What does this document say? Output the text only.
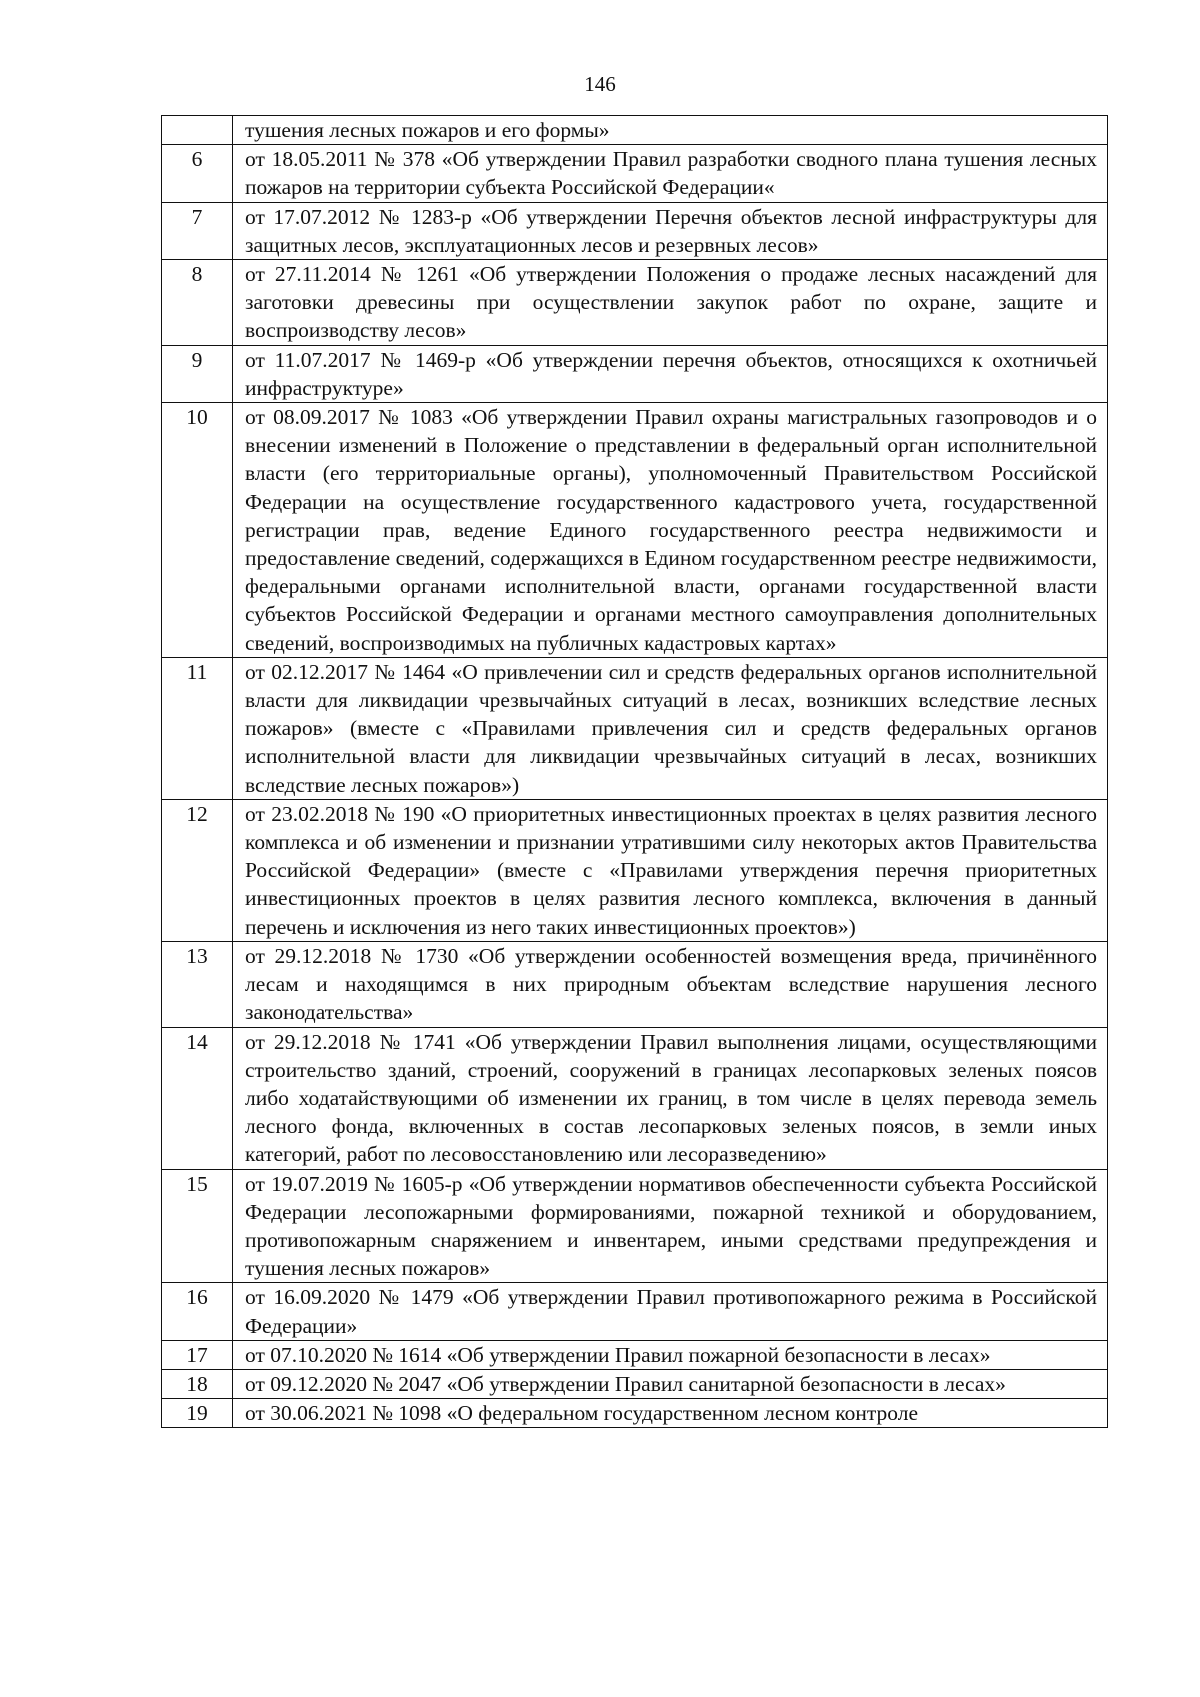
146
	тушения лесных пожаров и его формы»
6	от 18.05.2011 № 378 «Об утверждении Правил разработки сводного плана тушения лесных пожаров на территории субъекта Российской Федерации«
7	от 17.07.2012 № 1283-р «Об утверждении Перечня объектов лесной инфраструктуры для защитных лесов, эксплуатационных лесов и резервных лесов»
8	от 27.11.2014 № 1261 «Об утверждении Положения о продаже лесных насаждений для заготовки древесины при осуществлении закупок работ по охране, защите и воспроизводству лесов»
9	от 11.07.2017 № 1469-р «Об утверждении перечня объектов, относящихся к охотничьей инфраструктуре»
10	от 08.09.2017 № 1083 «Об утверждении Правил охраны магистральных газопроводов и о внесении изменений в Положение о представлении в федеральный орган исполнительной власти (его территориальные органы), уполномоченный Правительством Российской Федерации на осуществление государственного кадастрового учета, государственной регистрации прав, ведение Единого государственного реестра недвижимости и предоставление сведений, содержащихся в Едином государственном реестре недвижимости, федеральными органами исполнительной власти, органами государственной власти субъектов Российской Федерации и органами местного самоуправления дополнительных сведений, воспроизводимых на публичных кадастровых картах»
11	от 02.12.2017 № 1464 «О привлечении сил и средств федеральных органов исполнительной власти для ликвидации чрезвычайных ситуаций в лесах, возникших вследствие лесных пожаров» (вместе с «Правилами привлечения сил и средств федеральных органов исполнительной власти для ликвидации чрезвычайных ситуаций в лесах, возникших вследствие лесных пожаров»)
12	от 23.02.2018 № 190 «О приоритетных инвестиционных проектах в целях развития лесного комплекса и об изменении и признании утратившими силу некоторых актов Правительства Российской Федерации» (вместе с «Правилами утверждения перечня приоритетных инвестиционных проектов в целях развития лесного комплекса, включения в данный перечень и исключения из него таких инвестиционных проектов»)
13	от 29.12.2018 № 1730 «Об утверждении особенностей возмещения вреда, причинённого лесам и находящимся в них природным объектам вследствие нарушения лесного законодательства»
14	от 29.12.2018 № 1741 «Об утверждении Правил выполнения лицами, осуществляющими строительство зданий, строений, сооружений в границах лесопарковых зеленых поясов либо ходатайствующими об изменении их границ, в том числе в целях перевода земель лесного фонда, включенных в состав лесопарковых зеленых поясов, в земли иных категорий, работ по лесовосстановлению или лесоразведению»
15	от 19.07.2019 № 1605-р «Об утверждении нормативов обеспеченности субъекта Российской Федерации лесопожарными формированиями, пожарной техникой и оборудованием, противопожарным снаряжением и инвентарем, иными средствами предупреждения и тушения лесных пожаров»
16	от 16.09.2020 № 1479 «Об утверждении Правил противопожарного режима в Российской Федерации»
17	от 07.10.2020 № 1614 «Об утверждении Правил пожарной безопасности в лесах»
18	от 09.12.2020 № 2047 «Об утверждении Правил санитарной безопасности в лесах»
19	от 30.06.2021 № 1098 «О федеральном государственном лесном контроле
